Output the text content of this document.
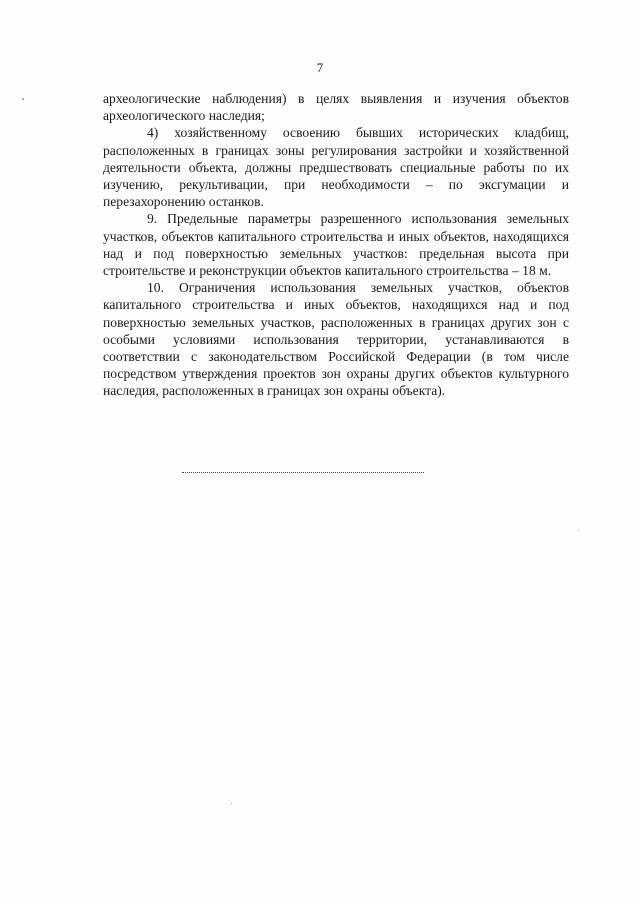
7

археологические наблюдения) в целях выявления и изучения объектов археологического наследия;

4) хозяйственному освоению бывших исторических кладбищ, расположенных в границах зоны регулирования застройки и хозяйственной деятельности объекта, должны предшествовать специальные работы по их изучению, рекультивации, при необходимости – по эксгумации и перезахоронению останков.

9. Предельные параметры разрешенного использования земельных участков, объектов капитального строительства и иных объектов, находящихся над и под поверхностью земельных участков: предельная высота при строительстве и реконструкции объектов капитального строительства – 18 м.

10. Ограничения использования земельных участков, объектов капитального строительства и иных объектов, находящихся над и под поверхностью земельных участков, расположенных в границах других зон с особыми условиями использования территории, устанавливаются в соответствии с законодательством Российской Федерации (в том числе посредством утверждения проектов зон охраны других объектов культурного наследия, расположенных в границах зон охраны объекта).
